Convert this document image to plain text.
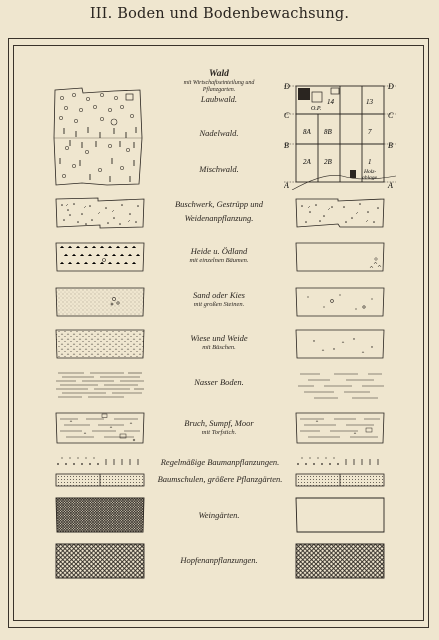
III. Boden und Bodenbewachsung.
Wald
mit Wirtschaftseinteilung und
Pflanzgarten.
Laubwald.
Nadelwald.
Mischwald.
D	D
C	C
B	B
A	A
O.P.
14	13
8A 8B	7
2A 2B	1
Holz-
ablage
Buschwerk, Gestrüpp und
Weidenanpflanzung.
Heide u. Ödland
mit einzelnen Bäumen.
Sand oder Kies
mit großen Steinen.
Wiese und Weide
mit Büschen.
Nasser Boden.
Bruch, Sumpf, Moor
mit Torfstich.
Regelmäßige Baumanpflanzungen.
Baumschulen, größere Pflanzgärten.
Weingärten.
Hopfenanpflanzungen.
